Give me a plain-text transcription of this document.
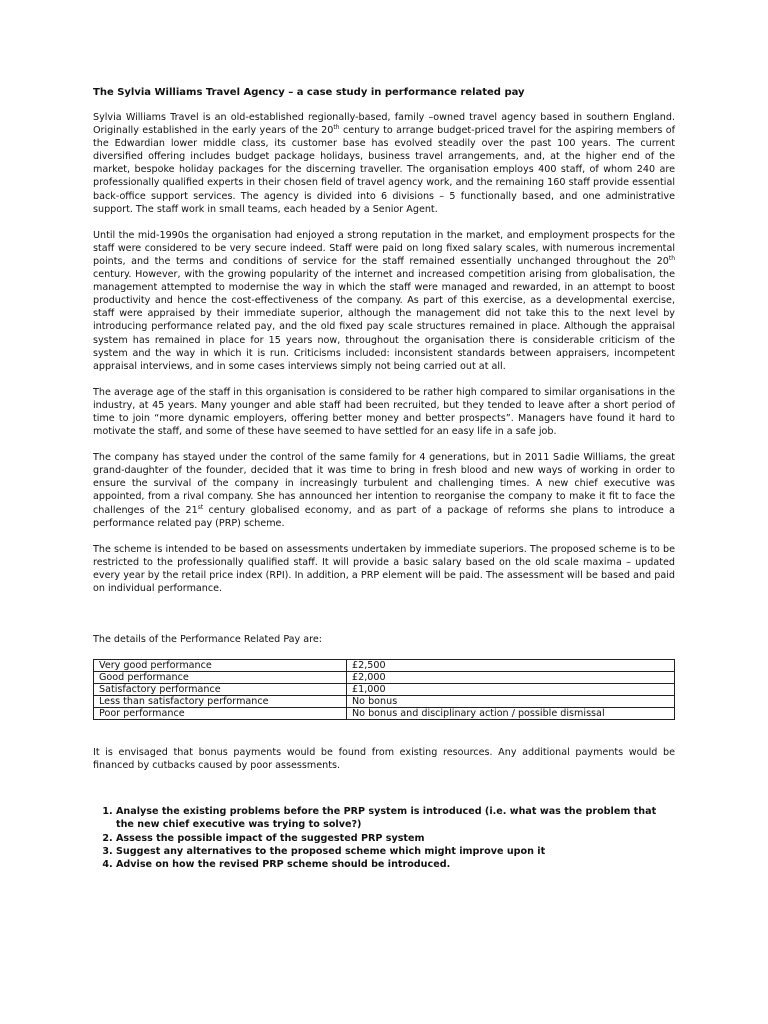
The Sylvia Williams Travel Agency – a case study in performance related pay

Sylvia Williams Travel is an old-established regionally-based, family –owned travel agency based in southern England. Originally established in the early years of the 20th century to arrange budget-priced travel for the aspiring members of the Edwardian lower middle class, its customer base has evolved steadily over the past 100 years. The current diversified offering includes budget package holidays, business travel arrangements, and, at the higher end of the market, bespoke holiday packages for the discerning traveller. The organisation employs 400 staff, of whom 240 are professionally qualified experts in their chosen field of travel agency work, and the remaining 160 staff provide essential back-office support services. The agency is divided into 6 divisions – 5 functionally based, and one administrative support. The staff work in small teams, each headed by a Senior Agent.

Until the mid-1990s the organisation had enjoyed a strong reputation in the market, and employment prospects for the staff were considered to be very secure indeed. Staff were paid on long fixed salary scales, with numerous incremental points, and the terms and conditions of service for the staff remained essentially unchanged throughout the 20th century. However, with the growing popularity of the internet and increased competition arising from globalisation, the management attempted to modernise the way in which the staff were managed and rewarded, in an attempt to boost productivity and hence the cost-effectiveness of the company. As part of this exercise, as a developmental exercise, staff were appraised by their immediate superior, although the management did not take this to the next level by introducing performance related pay, and the old fixed pay scale structures remained in place. Although the appraisal system has remained in place for 15 years now, throughout the organisation there is considerable criticism of the system and the way in which it is run. Criticisms included: inconsistent standards between appraisers, incompetent appraisal interviews, and in some cases interviews simply not being carried out at all.

The average age of the staff in this organisation is considered to be rather high compared to similar organisations in the industry, at 45 years. Many younger and able staff had been recruited, but they tended to leave after a short period of time to join “more dynamic employers, offering better money and better prospects”. Managers have found it hard to motivate the staff, and some of these have seemed to have settled for an easy life in a safe job.

The company has stayed under the control of the same family for 4 generations, but in 2011 Sadie Williams, the great grand-daughter of the founder, decided that it was time to bring in fresh blood and new ways of working in order to ensure the survival of the company in increasingly turbulent and challenging times. A new chief executive was appointed, from a rival company. She has announced her intention to reorganise the company to make it fit to face the challenges of the 21st century globalised economy, and as part of a package of reforms she plans to introduce a performance related pay (PRP) scheme.

The scheme is intended to be based on assessments undertaken by immediate superiors. The proposed scheme is to be restricted to the professionally qualified staff. It will provide a basic salary based on the old scale maxima – updated every year by the retail price index (RPI). In addition, a PRP element will be paid. The assessment will be based and paid on individual performance.

The details of the Performance Related Pay are:

Very good performance	£2,500
Good performance	£2,000
Satisfactory performance	£1,000
Less than satisfactory performance	No bonus
Poor performance	No bonus and disciplinary action / possible dismissal

It is envisaged that bonus payments would be found from existing resources. Any additional payments would be financed by cutbacks caused by poor assessments.

1. Analyse the existing problems before the PRP system is introduced (i.e. what was the problem that the new chief executive was trying to solve?)
2. Assess the possible impact of the suggested PRP system
3. Suggest any alternatives to the proposed scheme which might improve upon it
4. Advise on how the revised PRP scheme should be introduced.
